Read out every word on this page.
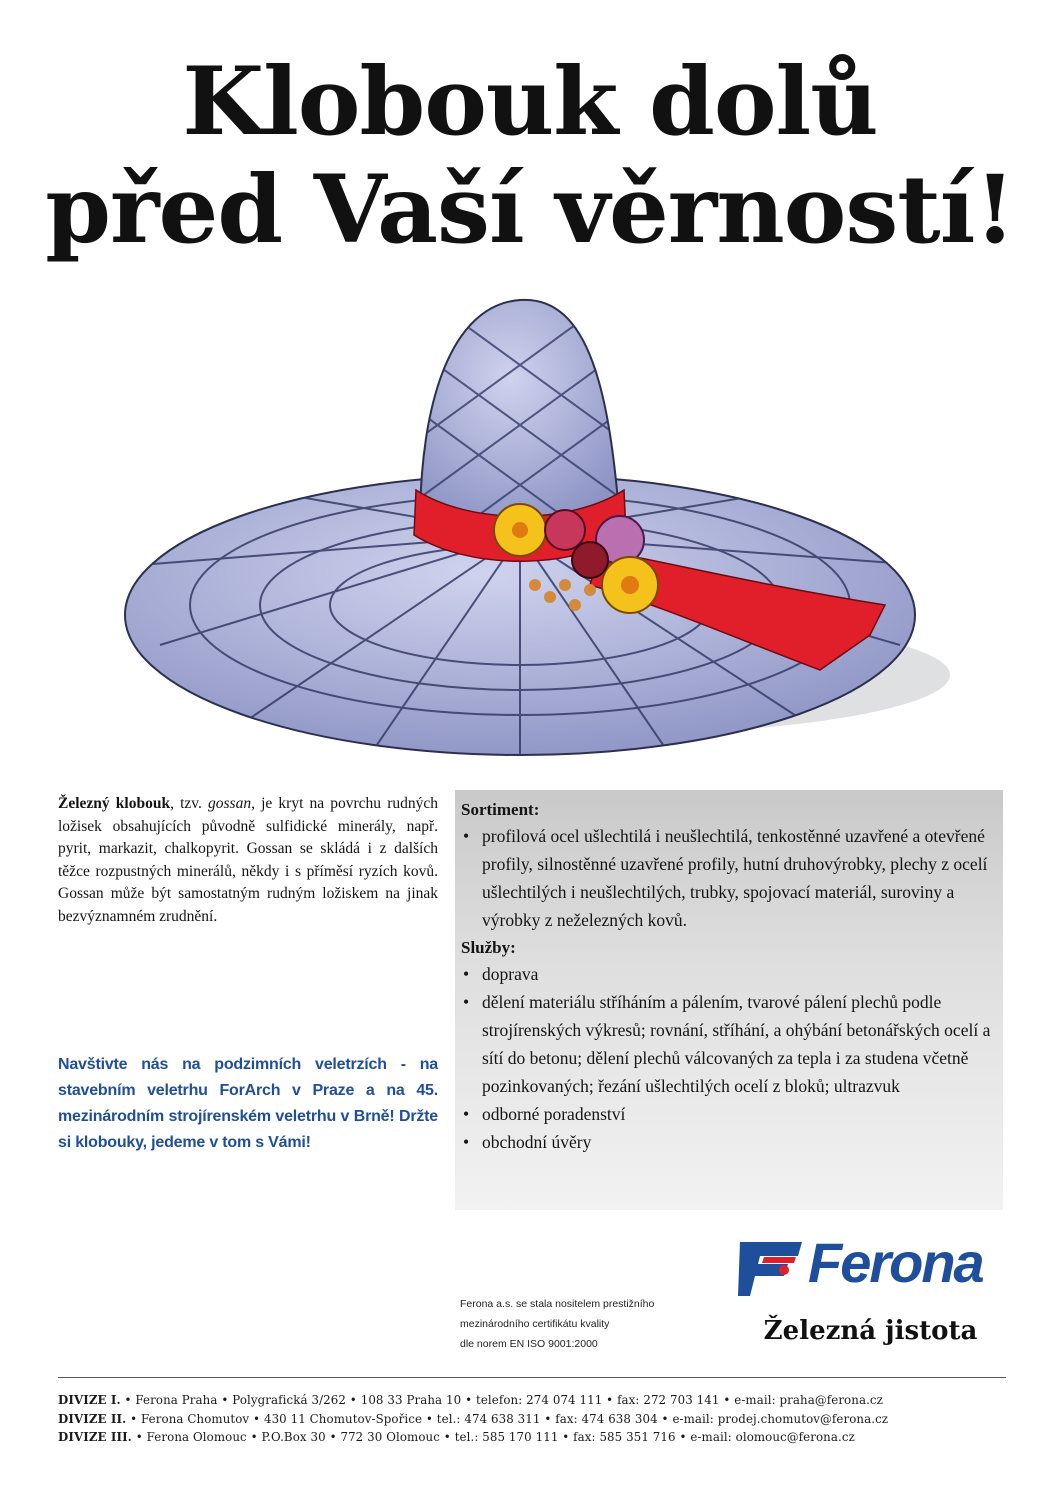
Klobouk dolů
před Vaší věrností!

Železný klobouk, tzv. gossan, je kryt na povrchu rudných ložisek obsahujících původně sulfidické minerály, např. pyrit, markazit, chalkopyrit. Gossan se skládá i z dalších těžce rozpustných minerálů, někdy i s příměsí ryzích kovů. Gossan může být samostatným rudným ložiskem na jinak bezvýznamném zrudnění.

Navštivte nás na podzimních veletrzích - na stavebním veletrhu ForArch v Praze a na 45. mezinárodním strojírenském veletrhu v Brně! Držte si klobouky, jedeme v tom s Vámi!

Sortiment:
• profilová ocel ušlechtilá i neušlechtilá, tenkostěnné uzavřené a otevřené profily, silnostěnné uzavřené profily, hutní druhovýrobky, plechy z ocelí ušlechtilých i neušlechtilých, trubky, spojovací materiál, suroviny a výrobky z neželezných kovů.
Služby:
• doprava
• dělení materiálu stříháním a pálením, tvarové pálení plechů podle strojírenských výkresů; rovnání, stříhání, a ohýbání betonářských ocelí a sítí do betonu; dělení plechů válcovaných za tepla i za studena včetně pozinkovaných; řezání ušlechtilých ocelí z bloků; ultrazvuk
• odborné poradenství
• obchodní úvěry

Ferona a.s. se stala nositelem prestižního
mezinárodního certifikátu kvality
dle norem EN ISO 9001:2000

Ferona

Železná jistota

DIVIZE I. • Ferona Praha • Polygrafická 3/262 • 108 33 Praha 10 • telefon: 274 074 111 • fax: 272 703 141 • e-mail: praha@ferona.cz
DIVIZE II. • Ferona Chomutov • 430 11 Chomutov-Spořice • tel.: 474 638 311 • fax: 474 638 304 • e-mail: prodej.chomutov@ferona.cz
DIVIZE III. • Ferona Olomouc • P.O.Box 30 • 772 30 Olomouc • tel.: 585 170 111 • fax: 585 351 716 • e-mail: olomouc@ferona.cz
